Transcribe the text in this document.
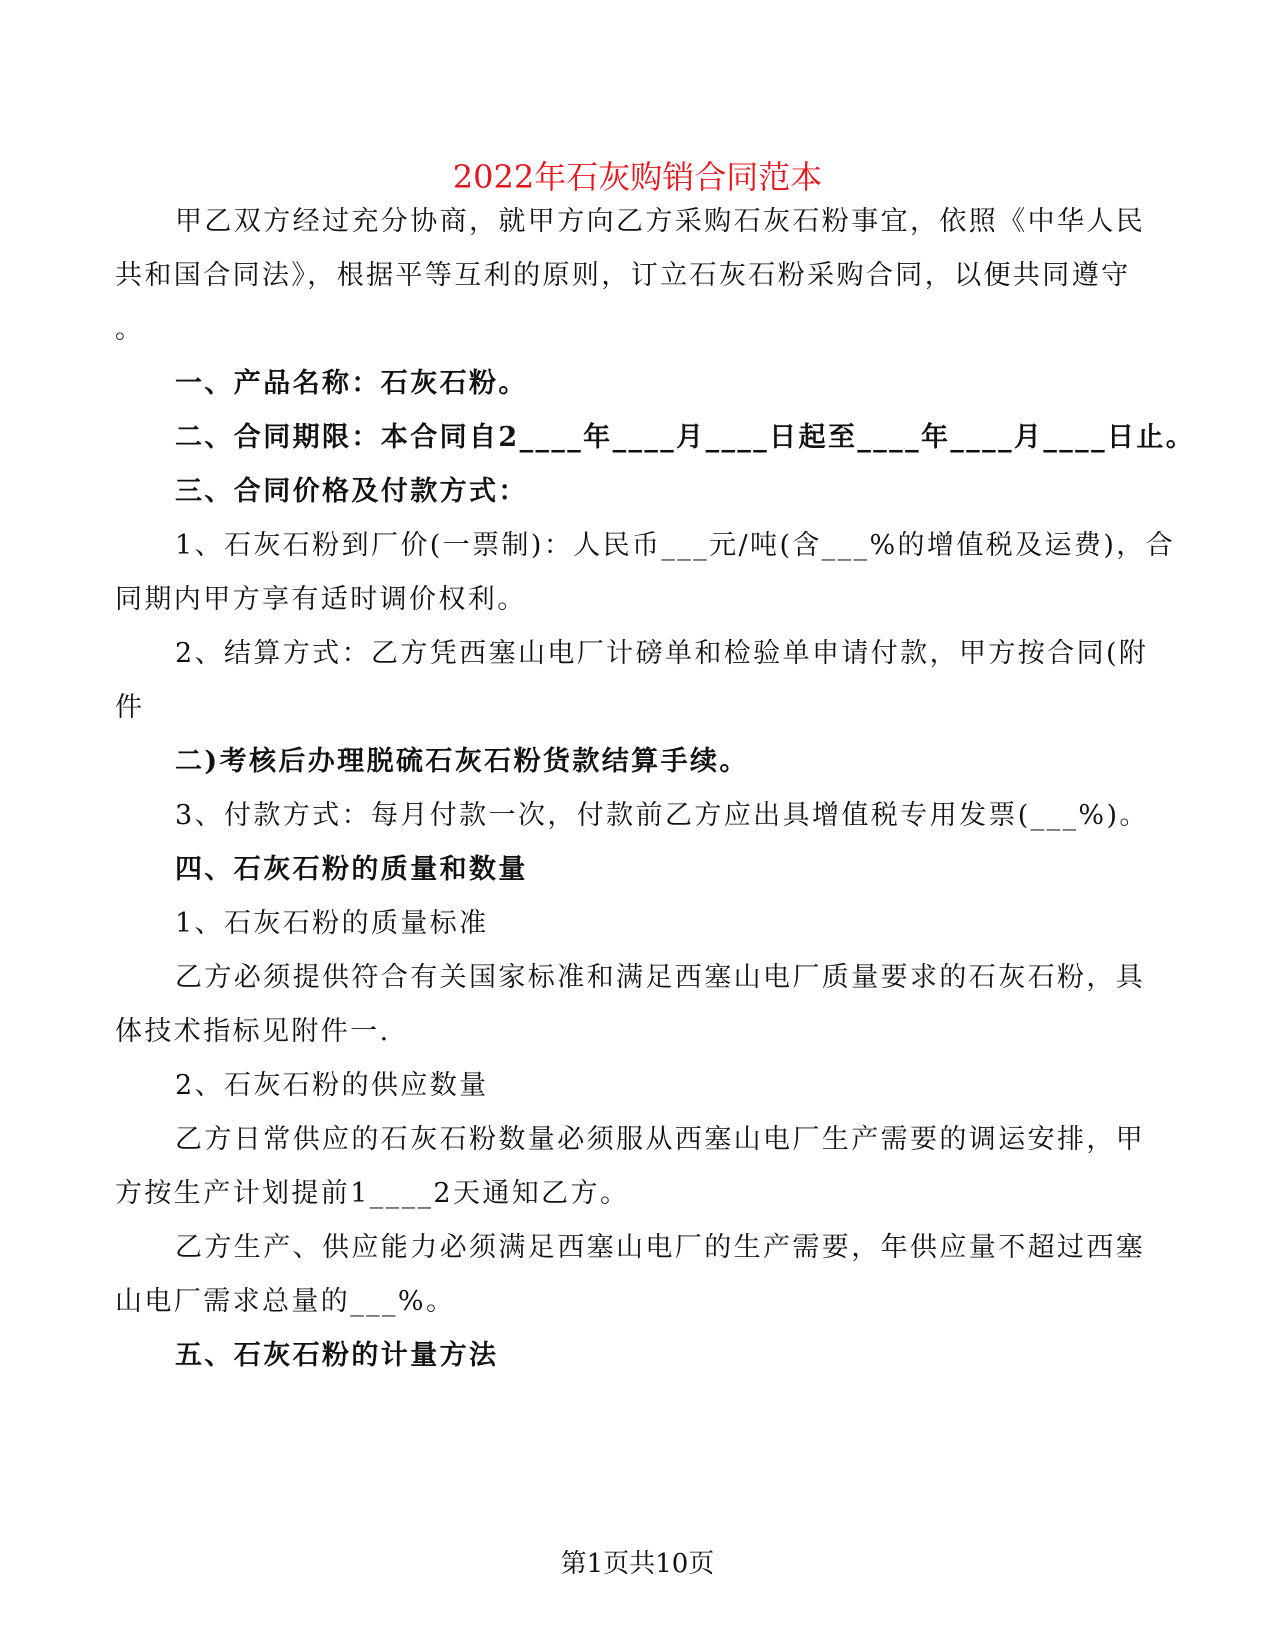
2022年石灰购销合同范本

甲乙双方经过充分协商，就甲方向乙方采购石灰石粉事宜，依照《中华人民

共和国合同法》，根据平等互利的原则，订立石灰石粉采购合同，以便共同遵守

。

一、产品名称：石灰石粉。

二、合同期限：本合同自2____年____月____日起至____年____月____日止。

三、合同价格及付款方式：

1、石灰石粉到厂价(一票制)：人民币___元/吨(含___%的增值税及运费)，合

同期内甲方享有适时调价权利。

2、结算方式：乙方凭西塞山电厂计磅单和检验单申请付款，甲方按合同(附

件

二)考核后办理脱硫石灰石粉货款结算手续。

3、付款方式：每月付款一次，付款前乙方应出具增值税专用发票(___%)。

四、石灰石粉的质量和数量

1、石灰石粉的质量标准

乙方必须提供符合有关国家标准和满足西塞山电厂质量要求的石灰石粉，具

体技术指标见附件一.

2、石灰石粉的供应数量

乙方日常供应的石灰石粉数量必须服从西塞山电厂生产需要的调运安排，甲

方按生产计划提前1____2天通知乙方。

乙方生产、供应能力必须满足西塞山电厂的生产需要，年供应量不超过西塞

山电厂需求总量的___%。

五、石灰石粉的计量方法

第1页共10页
